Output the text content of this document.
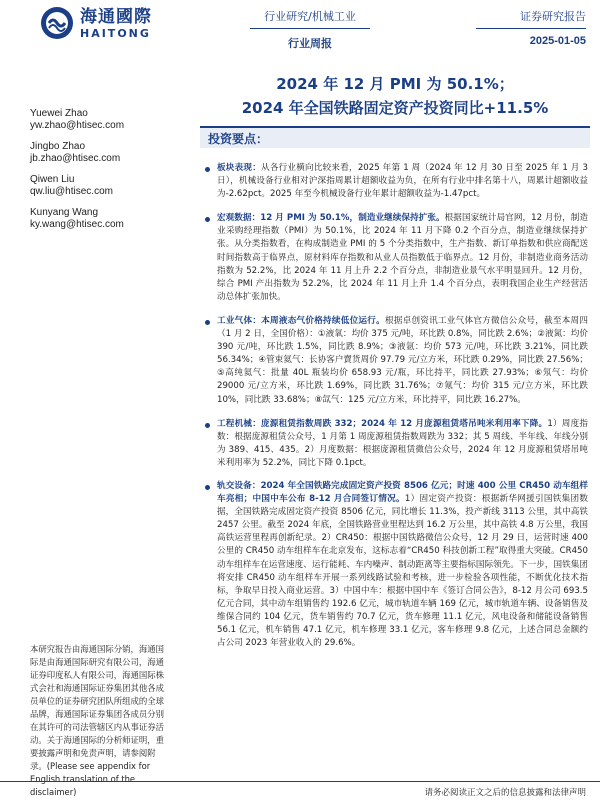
海通國際
HAITONG
行业研究/机械工业
行业周报
证券研究报告
2025-01-05
2024 年 12 月 PMI 为 50.1%；
2024 年全国铁路固定资产投资同比+11.5%
Yuewei Zhao
yw.zhao@htisec.com
Jingbo Zhao
jb.zhao@htisec.com
Qiwen Liu
qw.liu@htisec.com
Kunyang Wang
ky.wang@htisec.com
投资要点：
板块表现：从各行业横向比较来看，2025 年第 1 周（2024 年 12 月 30 日至 2025 年 1 月 3 日），机械设备行业相对沪深指周累计超额收益为负，在所有行业中排名第十八，周累计超额收益为-2.62pct。2025 年至今机械设备行业年累计超额收益为-1.47pct。
宏观数据：12 月 PMI 为 50.1%，制造业继续保持扩张。根据国家统计局官网，12 月份，制造业采购经理指数（PMI）为 50.1%，比 2024 年 11 月下降 0.2 个百分点，制造业继续保持扩张。从分类指数看，在构成制造业 PMI 的 5 个分类指数中，生产指数、新订单指数和供应商配送时间指数高于临界点，原材料库存指数和从业人员指数低于临界点。12 月份，非制造业商务活动指数为 52.2%，比 2024 年 11 月上升 2.2 个百分点，非制造业景气水平明显回升。12 月份，综合 PMI 产出指数为 52.2%，比 2024 年 11 月上升 1.4 个百分点，表明我国企业生产经营活动总体扩张加快。
工业气体：本周液态气价格持续低位运行。根据卓创资讯工业气体官方微信公众号，截至本周四（1 月 2 日，全国价格）：①液氧：均价 375 元/吨，环比跌 0.8%，同比跌 2.6%；②液氮：均价 390 元/吨，环比跌 1.5%，同比跌 8.9%；③液氩：均价 573 元/吨，环比跌 3.21%，同比跌 56.34%；④管束氦气：长协客户賣货周价 97.79 元/立方米，环比跌 0.29%，同比跌 27.56%；⑤高纯氦气：批量 40L 瓶装均价 658.93 元/瓶，环比持平，同比跌 27.93%；⑥氖气：均价 29000 元/立方米，环比跌 1.69%，同比跌 31.76%；⑦氪气：均价 315 元/立方米，环比跌 10%，同比跌 33.68%；⑧氙气：125 元/立方米，环比持平，同比跌 16.27%。
工程机械：庞源租赁指数周跌 332；2024 年 12 月庞源租赁塔吊吨米利用率下降。1）周度指数：根据庞源租赁公众号，1 月第 1 周庞源租赁指数周跌为 332；其 5 周线、半年线、年线分别为 389、415、435。2）月度数据：根据庞源租赁微信公众号，2024 年 12 月庞源租赁塔吊吨米利用率为 52.2%，同比下降 0.1pct。
轨交设备：2024 年全国铁路完成固定资产投资 8506 亿元；时速 400 公里 CR450 动车组样车亮相；中国中车公布 8-12 月合同签订情况。1）固定资产投资：根据新华网援引国铁集团数据，全国铁路完成固定资产投资 8506 亿元，同比增长 11.3%，投产新线 3113 公里，其中高铁 2457 公里。截至 2024 年底，全国铁路营业里程达到 16.2 万公里，其中高铁 4.8 万公里，我国高铁运营里程再创新纪录。2）CR450：根据中国铁路微信公众号，12 月 29 日，运营时速 400 公里的 CR450 动车组样车在北京发布，这标志着“CR450 科技创新工程”取得重大突破。CR450 动车组样车在运营速度、运行能耗、车内噪声、制动距离等主要指标国际领先。下一步，国铁集团将安排 CR450 动车组样车开展一系列线路试验和考核，进一步检验各项性能，不断优化技术指标，争取早日投入商业运营。3）中国中车：根据中国中车《签订合同公告》，8-12 月公司 693.5 亿元合同，其中动车组销售约 192.6 亿元，城市轨道车辆 169 亿元，城市轨道车辆、设备销售及维保合同约 104 亿元，货车销售约 70.7 亿元，货车修理 11.1 亿元，风电设备和储能设备销售 56.1 亿元，机车销售 47.1 亿元，机车修理 33.1 亿元，客车修理 9.8 亿元，上述合同总金额约占公司 2023 年营业收入的 29.6%。
本研究报告由海通国际分销，海通国际是由海通国际研究有限公司，海通证券印度私人有限公司，海通国际株式会社和海通国际证券集团其他各成员单位的证券研究团队所组成的全球品牌，海通国际证券集团各成员分别在其许可的司法管辖区内从事证券活动。关于海通国际的分析师证明，重要披露声明和免责声明，请参阅附录。(Please see appendix for English translation of the disclaimer)	请务必阅读正文之后的信息披露和法律声明
